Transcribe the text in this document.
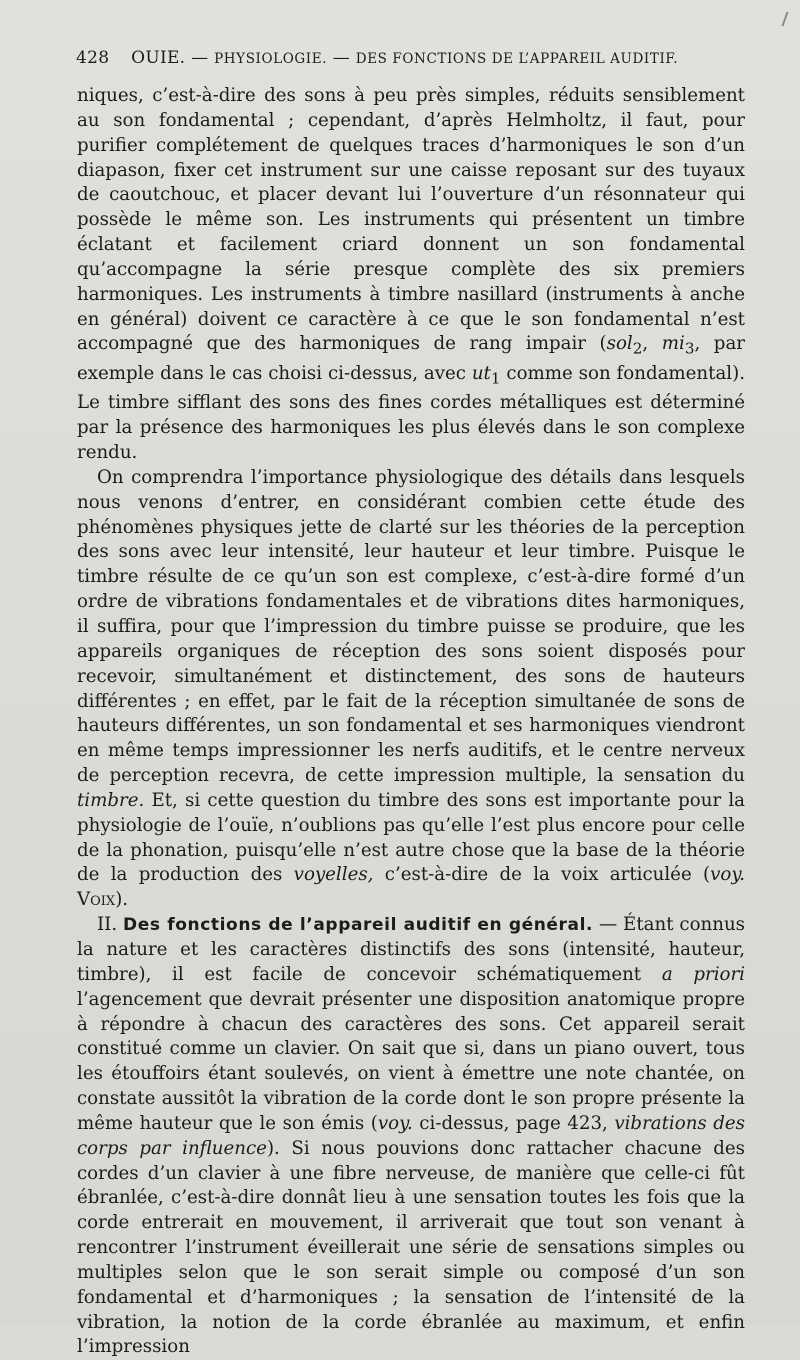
428 OUIE. — PHYSIOLOGIE. — DES FONCTIONS DE L’APPAREIL AUDITIF.

niques, c’est-à-dire des sons à peu près simples, réduits sensiblement au son fondamental ; cependant, d’après Helmholtz, il faut, pour purifier complétement de quelques traces d’harmoniques le son d’un diapason, fixer cet instrument sur une caisse reposant sur des tuyaux de caoutchouc, et placer devant lui l’ouverture d’un résonnateur qui possède le même son. Les instruments qui présentent un timbre éclatant et facilement criard donnent un son fondamental qu’accompagne la série presque complète des six premiers harmoniques. Les instruments à timbre nasillard (instruments à anche en général) doivent ce caractère à ce que le son fondamental n’est accompagné que des harmoniques de rang impair (sol$_2$, $mi_3$, par exemple dans le cas choisi ci-dessus, avec $ut_1$ comme son fondamental). Le timbre sifflant des sons des fines cordes métalliques est déterminé par la présence des harmoniques les plus élevés dans le son complexe rendu.

On comprendra l’importance physiologique des détails dans lesquels nous venons d’entrer, en considérant combien cette étude des phénomènes physiques jette de clarté sur les théories de la perception des sons avec leur intensité, leur hauteur et leur timbre. Puisque le timbre résulte de ce qu’un son est complexe, c’est-à-dire formé d’un ordre de vibrations fondamentales et de vibrations dites harmoniques, il suffira, pour que l’impression du timbre puisse se produire, que les appareils organiques de réception des sons soient disposés pour recevoir, simultanément et distinctement, des sons de hauteurs différentes ; en effet, par le fait de la réception simultanée de sons de hauteurs différentes, un son fondamental et ses harmoniques viendront en même temps impressionner les nerfs auditifs, et le centre nerveux de perception recevra, de cette impression multiple, la sensation du timbre. Et, si cette question du timbre des sons est importante pour la physiologie de l’ouïe, n’oublions pas qu’elle l’est plus encore pour celle de la phonation, puisqu’elle n’est autre chose que la base de la théorie de la production des voyelles, c’est-à-dire de la voix articulée (voy. Voix).

II. Des fonctions de l’appareil auditif en général. — Étant connus la nature et les caractères distinctifs des sons (intensité, hauteur, timbre), il est facile de concevoir schématiquement a priori l’agencement que devrait présenter une disposition anatomique propre à répondre à chacun des caractères des sons. Cet appareil serait constitué comme un clavier. On sait que si, dans un piano ouvert, tous les étouffoirs étant soulevés, on vient à émettre une note chantée, on constate aussitôt la vibration de la corde dont le son propre présente la même hauteur que le son émis (voy. ci-dessus, page 423, vibrations des corps par influence). Si nous pouvions donc rattacher chacune des cordes d’un clavier à une fibre nerveuse, de manière que celle-ci fût ébranlée, c’est-à-dire donnât lieu à une sensation toutes les fois que la corde entrerait en mouvement, il arriverait que tout son venant à rencontrer l’instrument éveillerait une série de sensations simples ou multiples selon que le son serait simple ou composé d’un son fondamental et d’harmoniques ; la sensation de l’intensité de la vibration, la notion de la corde ébranlée au maximum, et enfin l’impression
